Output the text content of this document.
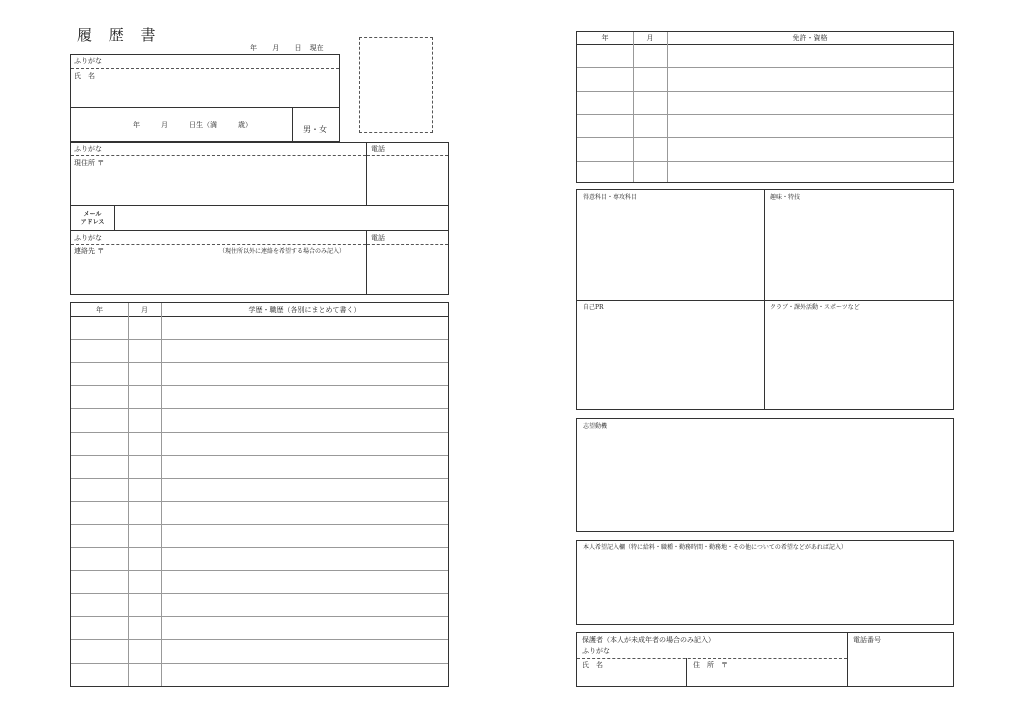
履 歴 書
年　 月　 日 現在
ふりがな
氏　名
年　　　月　　　日生（満　　　歳）	男・女
ふりがな
現住所 〒
電話
メール
アドレス
ふりがな
連絡先 〒	（現住所以外に連絡を希望する場合のみ記入）
電話
年	月	学歴・職歴（各別にまとめて書く）
年	月	免許・資格
得意科目・専攻科目	趣味・特技
自己PR	クラブ・課外活動・スポーツなど
志望動機
本人希望記入欄（特に給料・職種・勤務時間・勤務地・その他についての希望などがあれば記入）
保護者（本人が未成年者の場合のみ記入）
ふりがな
氏　名	住　所　〒
電話番号
